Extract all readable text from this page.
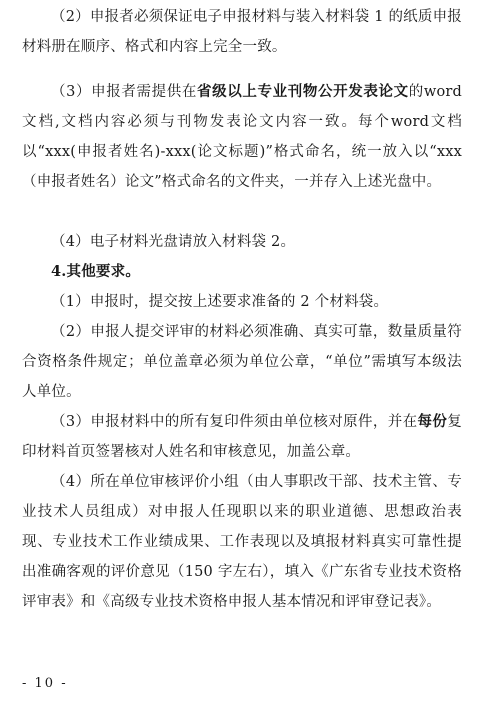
（2）申报者必须保证电子申报材料与装入材料袋 1 的纸质申报材料册在顺序、格式和内容上完全一致。

（3）申报者需提供在省级以上专业刊物公开发表论文的word文档,文档内容必须与刊物发表论文内容一致。每个word文档以“xxx(申报者姓名)-xxx(论文标题)”格式命名，统一放入以“xxx（申报者姓名）论文”格式命名的文件夹，一并存入上述光盘中。

（4）电子材料光盘请放入材料袋 2。

4.其他要求。

（1）申报时，提交按上述要求准备的 2 个材料袋。

（2）申报人提交评审的材料必须准确、真实可靠，数量质量符合资格条件规定；单位盖章必须为单位公章，“单位”需填写本级法人单位。

（3）申报材料中的所有复印件须由单位核对原件，并在每份复印材料首页签署核对人姓名和审核意见，加盖公章。

（4）所在单位审核评价小组（由人事职改干部、技术主管、专业技术人员组成）对申报人任现职以来的职业道德、思想政治表现、专业技术工作业绩成果、工作表现以及填报材料真实可靠性提出准确客观的评价意见（150 字左右），填入《广东省专业技术资格评审表》和《高级专业技术资格申报人基本情况和评审登记表》。

- 10 -
